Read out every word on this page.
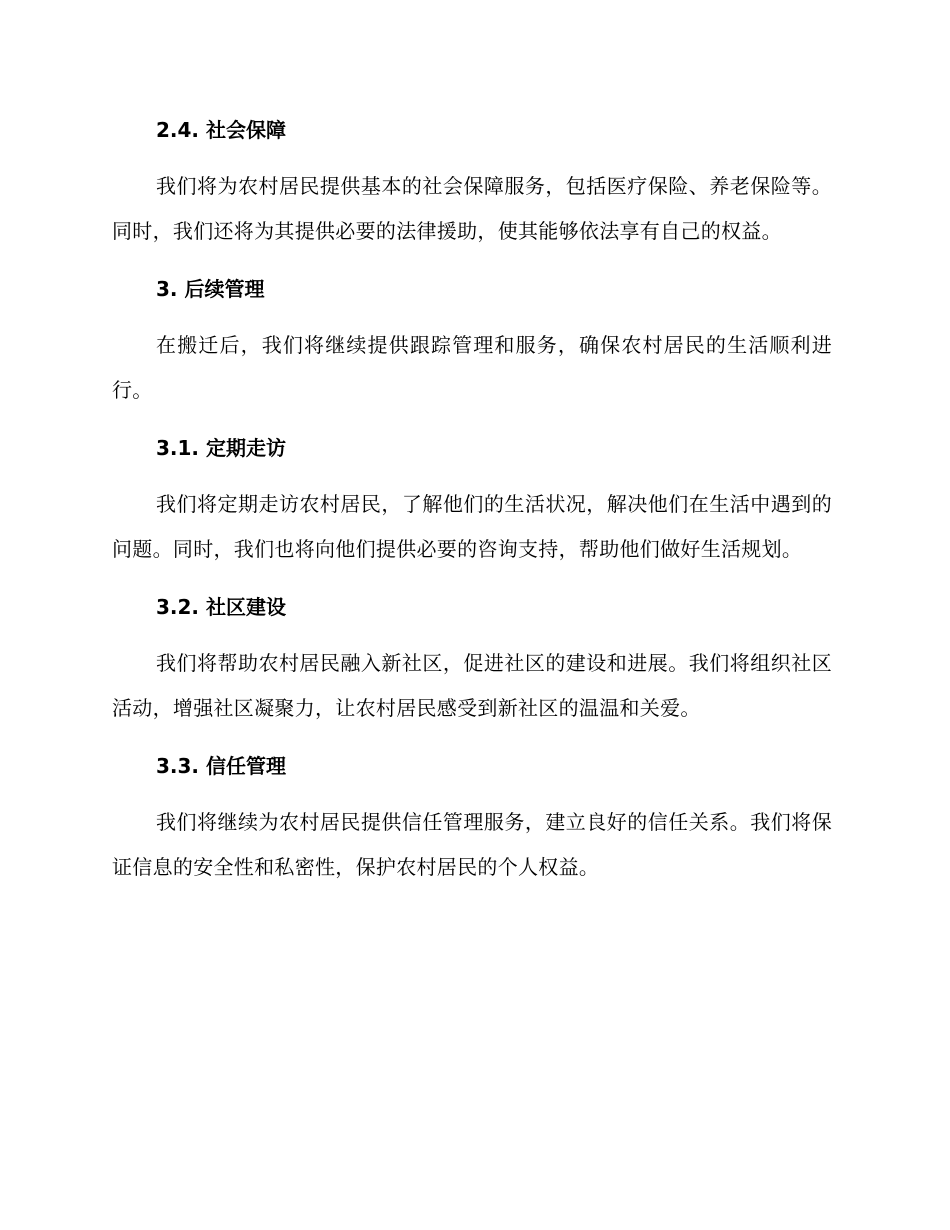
2.4. 社会保障

我们将为农村居民提供基本的社会保障服务，包括医疗保险、养老保险等。同时，我们还将为其提供必要的法律援助，使其能够依法享有自己的权益。

3. 后续管理

在搬迁后，我们将继续提供跟踪管理和服务，确保农村居民的生活顺利进行。

3.1. 定期走访

我们将定期走访农村居民，了解他们的生活状况，解决他们在生活中遇到的问题。同时，我们也将向他们提供必要的咨询支持，帮助他们做好生活规划。

3.2. 社区建设

我们将帮助农村居民融入新社区，促进社区的建设和进展。我们将组织社区活动，增强社区凝聚力，让农村居民感受到新社区的温温和关爱。

3.3. 信任管理

我们将继续为农村居民提供信任管理服务，建立良好的信任关系。我们将保证信息的安全性和私密性，保护农村居民的个人权益。
